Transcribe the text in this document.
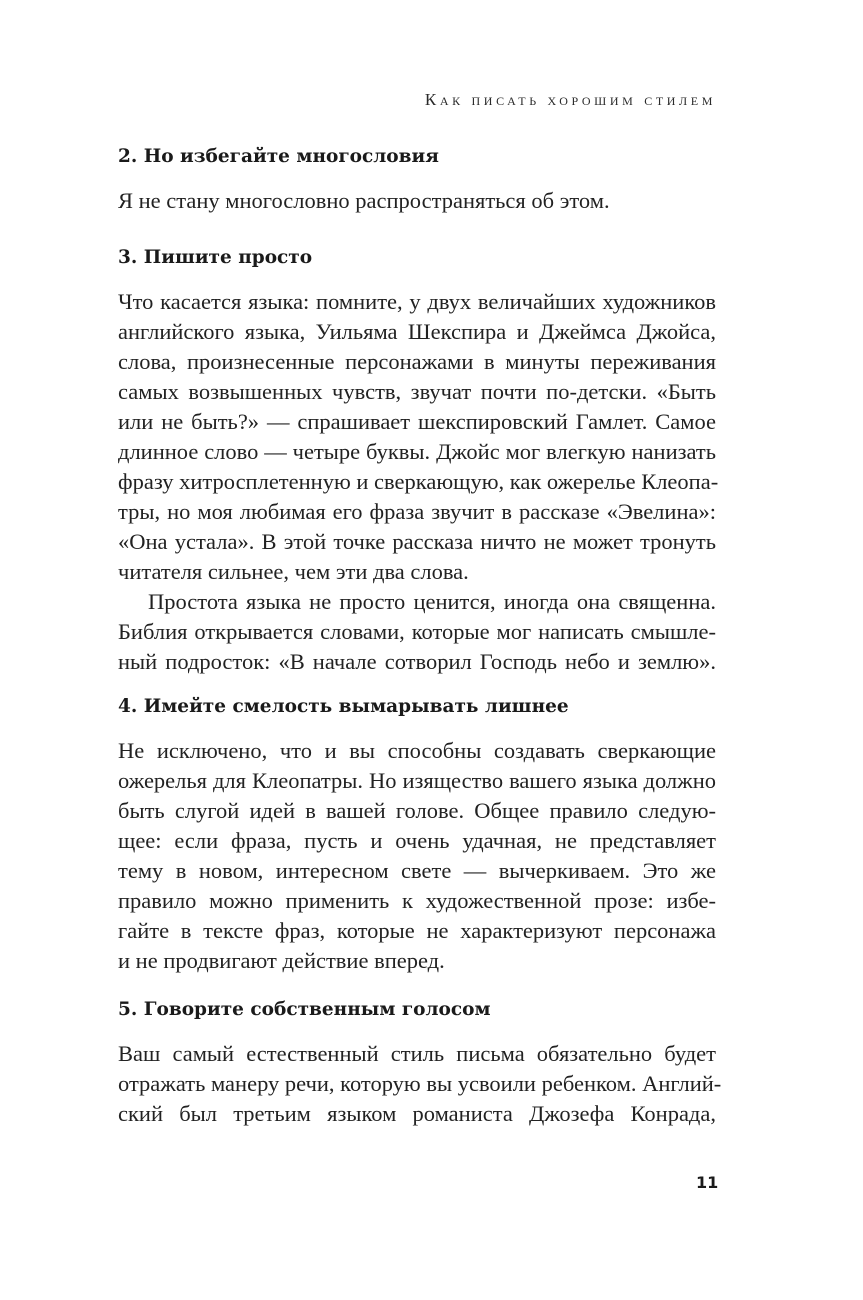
Как писать хорошим стилем
2. Но избегайте многословия
Я не стану многословно распространяться об этом.
3. Пишите просто
Что касается языка: помните, у двух величайших художников
английского языка, Уильяма Шекспира и Джеймса Джойса,
слова, произнесенные персонажами в минуты переживания
самых возвышенных чувств, звучат почти по-детски. «Быть
или не быть?» — спрашивает шекспировский Гамлет. Самое
длинное слово — четыре буквы. Джойс мог влегкую нанизать
фразу хитросплетенную и сверкающую, как ожерелье Клеопа-
тры, но моя любимая его фраза звучит в рассказе «Эвелина»:
«Она устала». В этой точке рассказа ничто не может тронуть
читателя сильнее, чем эти два слова.
Простота языка не просто ценится, иногда она священна.
Библия открывается словами, которые мог написать смышле-
ный подросток: «В начале сотворил Господь небо и землю».
4. Имейте смелость вымарывать лишнее
Не исключено, что и вы способны создавать сверкающие
ожерелья для Клеопатры. Но изящество вашего языка должно
быть слугой идей в вашей голове. Общее правило следую-
щее: если фраза, пусть и очень удачная, не представляет
тему в новом, интересном свете — вычеркиваем. Это же
правило можно применить к художественной прозе: избе-
гайте в тексте фраз, которые не характеризуют персонажа
и не продвигают действие вперед.
5. Говорите собственным голосом
Ваш самый естественный стиль письма обязательно будет
отражать манеру речи, которую вы усвоили ребенком. Англий-
ский был третьим языком романиста Джозефа Конрада,
11
